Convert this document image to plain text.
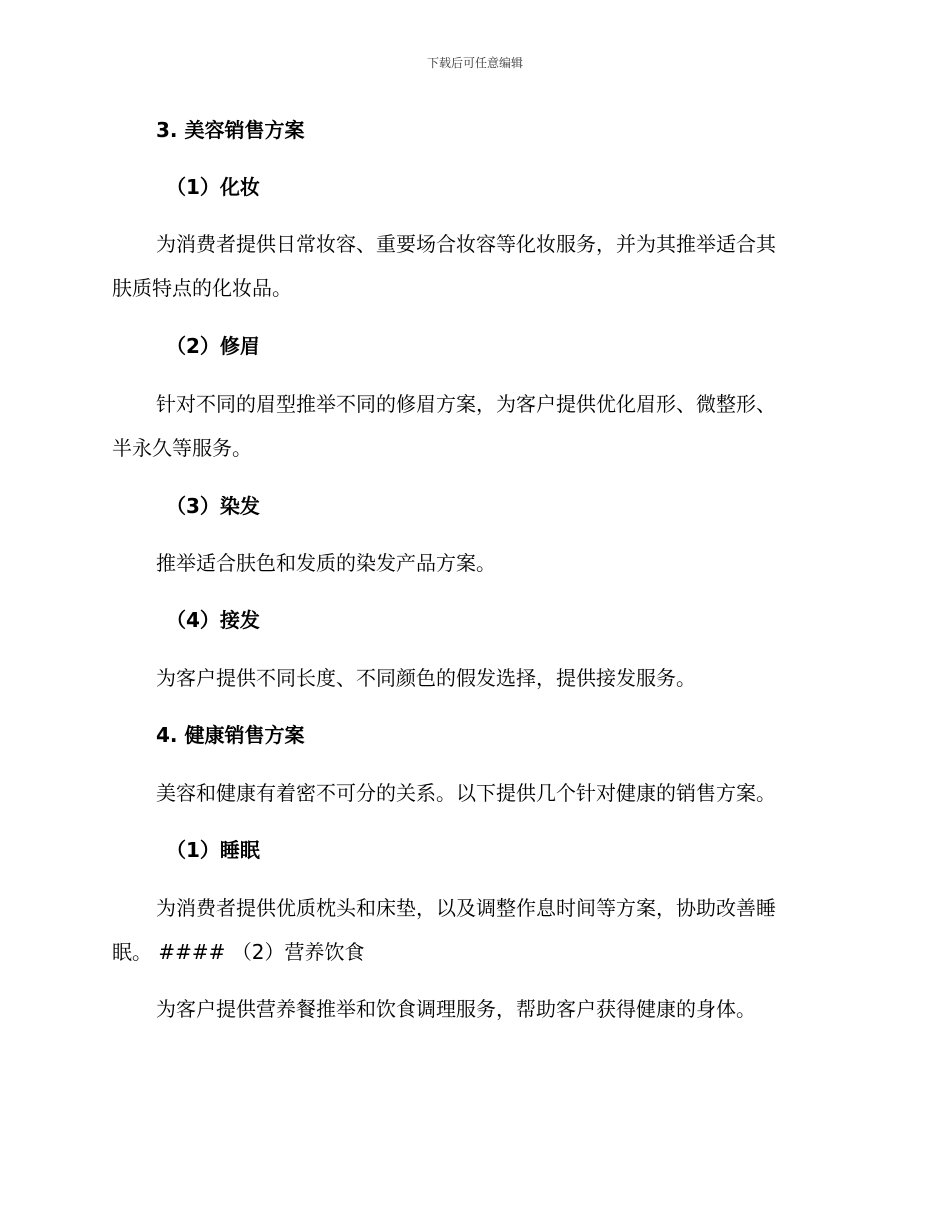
下载后可任意编辑
3. 美容销售方案
（1）化妆
为消费者提供日常妆容、重要场合妆容等化妆服务，并为其推举适合其
肤质特点的化妆品。
（2）修眉
针对不同的眉型推举不同的修眉方案，为客户提供优化眉形、微整形、
半永久等服务。
（3）染发
推举适合肤色和发质的染发产品方案。
（4）接发
为客户提供不同长度、不同颜色的假发选择，提供接发服务。
4. 健康销售方案
美容和健康有着密不可分的关系。以下提供几个针对健康的销售方案。
（1）睡眠
为消费者提供优质枕头和床垫，以及调整作息时间等方案，协助改善睡
眠。 #### （2）营养饮食
为客户提供营养餐推举和饮食调理服务，帮助客户获得健康的身体。
